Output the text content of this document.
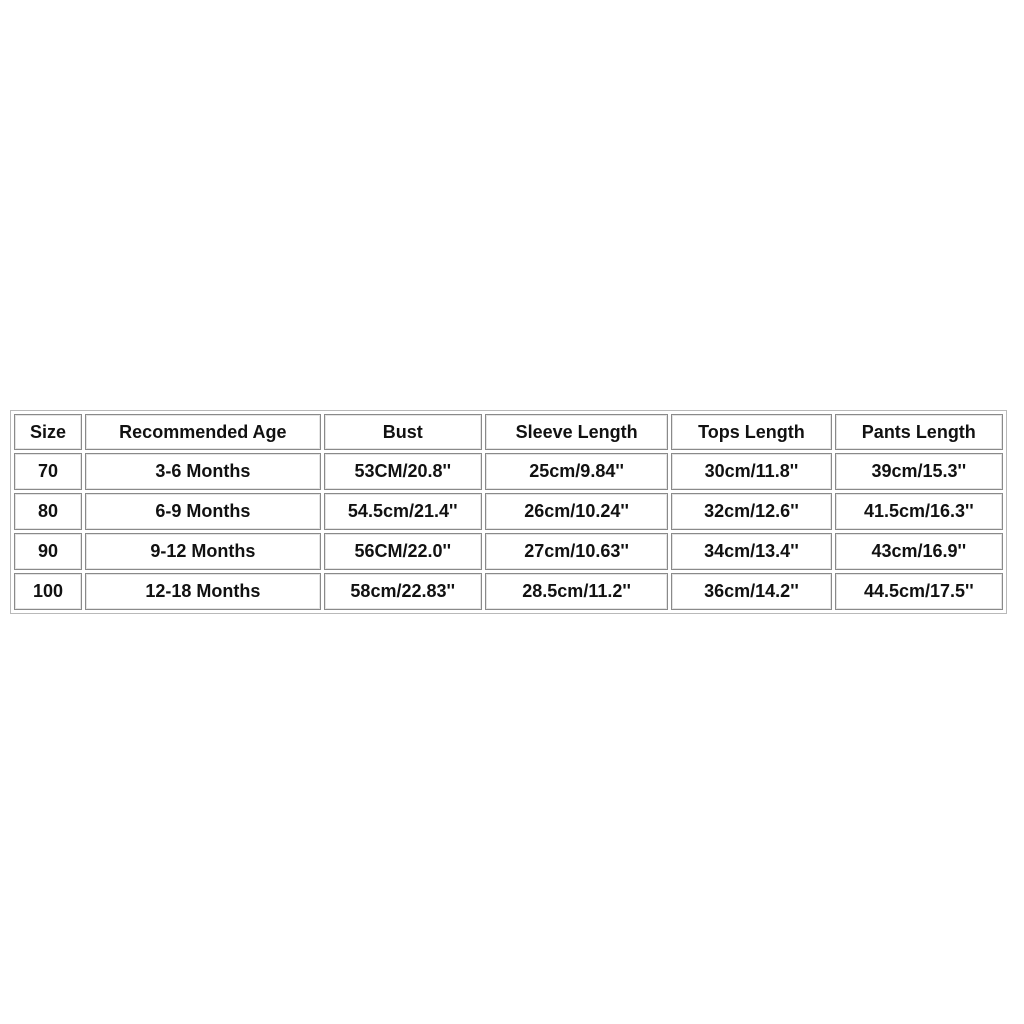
Size	Recommended Age	Bust	Sleeve Length	Tops Length	Pants Length
70	3-6 Months	53CM/20.8''	25cm/9.84''	30cm/11.8''	39cm/15.3''
80	6-9 Months	54.5cm/21.4''	26cm/10.24''	32cm/12.6''	41.5cm/16.3''
90	9-12 Months	56CM/22.0''	27cm/10.63''	34cm/13.4''	43cm/16.9''
100	12-18 Months	58cm/22.83''	28.5cm/11.2''	36cm/14.2''	44.5cm/17.5''
